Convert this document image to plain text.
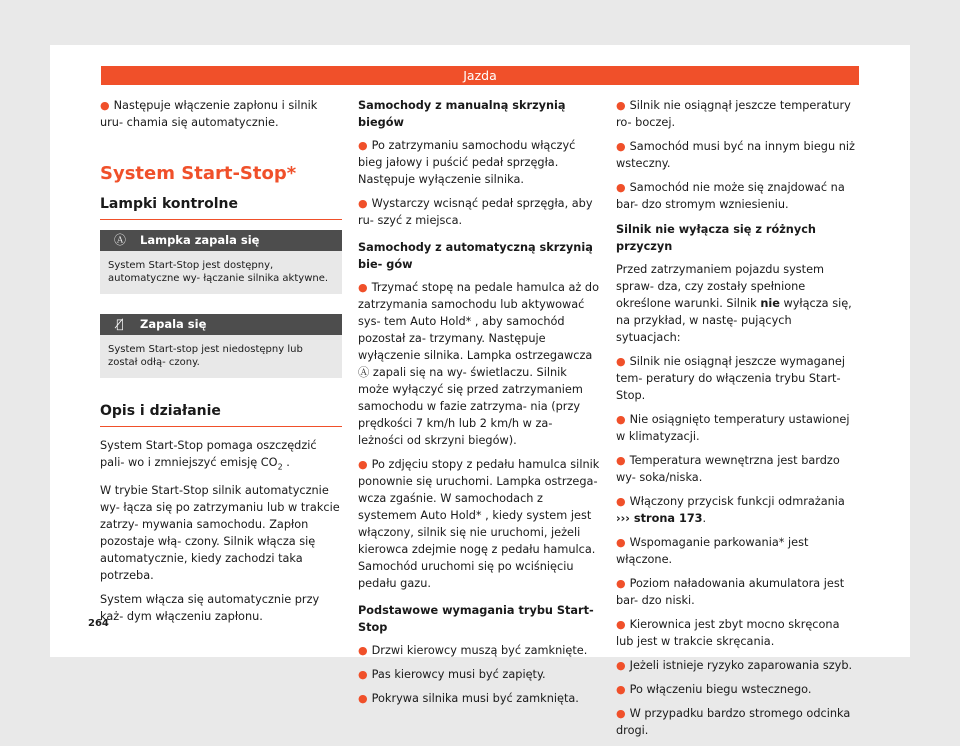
Jazda
● Następuje włączenie zapłonu i silnik uru- chamia się automatycznie.
System Start-Stop*
Lampki kontrolne
Ⓐ	Lampka zapala się
System Start-Stop jest dostępny, automatyczne wy- łączanie silnika aktywne.
Ⓐ̸	Zapala się
System Start-stop jest niedostępny lub został odłą- czony.
Opis i działanie
System Start-Stop pomaga oszczędzić pali- wo i zmniejszyć emisję $CO_2$ .
W trybie Start-Stop silnik automatycznie wy- łącza się po zatrzymaniu lub w trakcie zatrzy- mywania samochodu. Zapłon pozostaje włą- czony. Silnik włącza się automatycznie, kiedy zachodzi taka potrzeba.
System włącza się automatycznie przy każ- dym włączeniu zapłonu.
Samochody z manualną skrzynią biegów
● Po zatrzymaniu samochodu włączyć bieg jałowy i puścić pedał sprzęgła. Następuje wyłączenie silnika.
● Wystarczy wcisnąć pedał sprzęgła, aby ru- szyć z miejsca.
Samochody z automatyczną skrzynią bie- gów
● Trzymać stopę na pedale hamulca aż do zatrzymania samochodu lub aktywować sys- tem Auto Hold* , aby samochód pozostał za- trzymany. Następuje wyłączenie silnika. Lampka ostrzegawcza Ⓐ zapali się na wy- świetlaczu. Silnik może wyłączyć się przed zatrzymaniem samochodu w fazie zatrzyma- nia (przy prędkości 7 km/h lub 2 km/h w za- leżności od skrzyni biegów).
● Po zdjęciu stopy z pedału hamulca silnik ponownie się uruchomi. Lampka ostrzega- wcza zgaśnie. W samochodach z systemem Auto Hold* , kiedy system jest włączony, silnik się nie uruchomi, jeżeli kierowca zdejmie nogę z pedału hamulca. Samochód uruchomi się po wciśnięciu pedału gazu.
Podstawowe wymagania trybu Start-Stop
● Drzwi kierowcy muszą być zamknięte.
● Pas kierowcy musi być zapięty.
● Pokrywa silnika musi być zamknięta.
● Silnik nie osiągnął jeszcze temperatury ro- boczej.
● Samochód musi być na innym biegu niż wsteczny.
● Samochód nie może się znajdować na bar- dzo stromym wzniesieniu.
Silnik nie wyłącza się z różnych przyczyn
Przed zatrzymaniem pojazdu system spraw- dza, czy zostały spełnione określone warunki. Silnik nie wyłącza się, na przykład, w nastę- pujących sytuacjach:
● Silnik nie osiągnął jeszcze wymaganej tem- peratury do włączenia trybu Start-Stop.
● Nie osiągnięto temperatury ustawionej w klimatyzacji.
● Temperatura wewnętrzna jest bardzo wy- soka/niska.
● Włączony przycisk funkcji odmrażania
››› strona 173.
● Wspomaganie parkowania* jest włączone.
● Poziom naładowania akumulatora jest bar- dzo niski.
● Kierownica jest zbyt mocno skręcona lub jest w trakcie skręcania.
● Jeżeli istnieje ryzyko zaparowania szyb.
● Po włączeniu biegu wstecznego.
● W przypadku bardzo stromego odcinka drogi.
264
